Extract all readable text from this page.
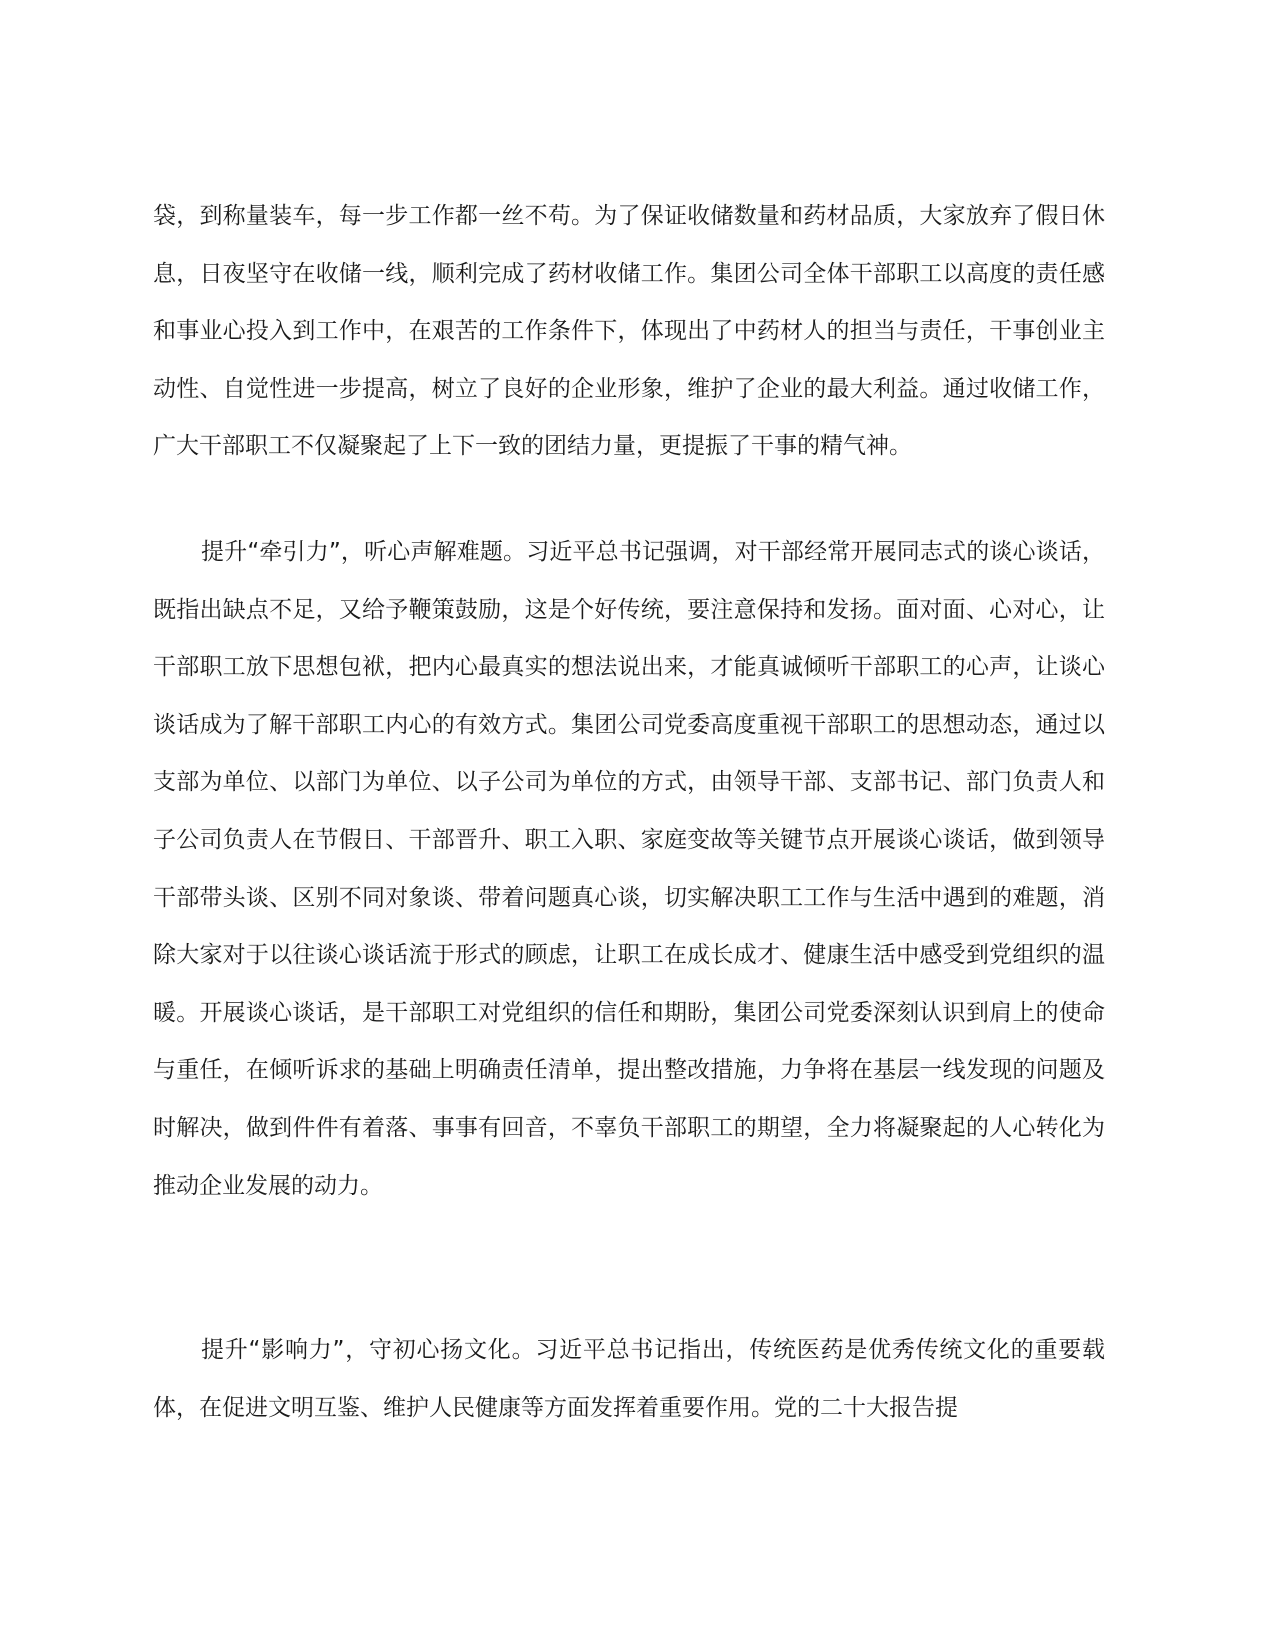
袋，到称量装车，每一步工作都一丝不苟。为了保证收储数量和药材品质，大家放弃了假日休息，日夜坚守在收储一线，顺利完成了药材收储工作。集团公司全体干部职工以高度的责任感和事业心投入到工作中，在艰苦的工作条件下，体现出了中药材人的担当与责任，干事创业主动性、自觉性进一步提高，树立了良好的企业形象，维护了企业的最大利益。通过收储工作，广大干部职工不仅凝聚起了上下一致的团结力量，更提振了干事的精气神。

提升“牵引力”，听心声解难题。习近平总书记强调，对干部经常开展同志式的谈心谈话，既指出缺点不足，又给予鞭策鼓励，这是个好传统，要注意保持和发扬。面对面、心对心，让干部职工放下思想包袱，把内心最真实的想法说出来，才能真诚倾听干部职工的心声，让谈心谈话成为了解干部职工内心的有效方式。集团公司党委高度重视干部职工的思想动态，通过以支部为单位、以部门为单位、以子公司为单位的方式，由领导干部、支部书记、部门负责人和子公司负责人在节假日、干部晋升、职工入职、家庭变故等关键节点开展谈心谈话，做到领导干部带头谈、区别不同对象谈、带着问题真心谈，切实解决职工工作与生活中遇到的难题，消除大家对于以往谈心谈话流于形式的顾虑，让职工在成长成才、健康生活中感受到党组织的温暖。开展谈心谈话，是干部职工对党组织的信任和期盼，集团公司党委深刻认识到肩上的使命与重任，在倾听诉求的基础上明确责任清单，提出整改措施，力争将在基层一线发现的问题及时解决，做到件件有着落、事事有回音，不辜负干部职工的期望，全力将凝聚起的人心转化为推动企业发展的动力。

提升“影响力”，守初心扬文化。习近平总书记指出，传统医药是优秀传统文化的重要载体，在促进文明互鉴、维护人民健康等方面发挥着重要作用。党的二十大报告提
